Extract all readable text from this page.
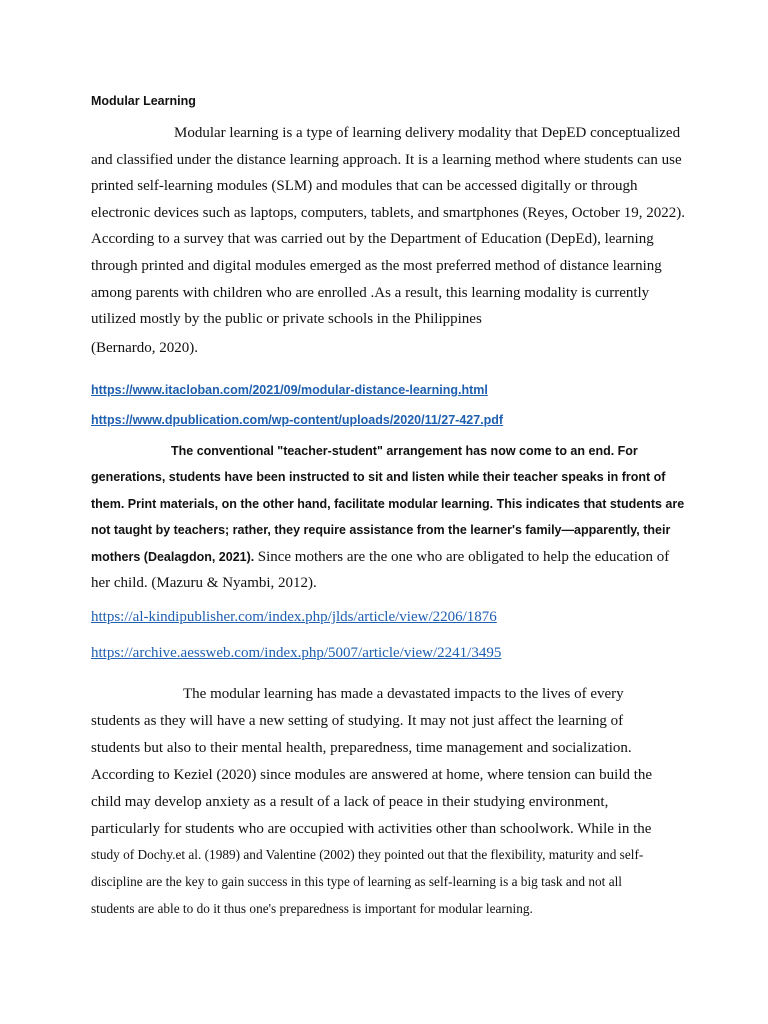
Modular Learning

Modular learning is a type of learning delivery modality that DepED conceptualized and classified under the distance learning approach. It is a learning method where students can use printed self-learning modules (SLM) and modules that can be accessed digitally or through electronic devices such as laptops, computers, tablets, and smartphones (Reyes, October 19, 2022). According to a survey that was carried out by the Department of Education (DepEd), learning through printed and digital modules emerged as the most preferred method of distance learning among parents with children who are enrolled .As a result, this learning modality is currently utilized mostly by the public or private schools in the Philippines

(Bernardo, 2020).
https://www.itacloban.com/2021/09/modular-distance-learning.html
https://www.dpublication.com/wp-content/uploads/2020/11/27-427.pdf

The conventional "teacher-student" arrangement has now come to an end. For generations, students have been instructed to sit and listen while their teacher speaks in front of them. Print materials, on the other hand, facilitate modular learning. This indicates that students are not taught by teachers; rather, they require assistance from the learner's family—apparently, their mothers (Dealagdon, 2021). Since mothers are the one who are obligated to help the education of her child. (Mazuru & Nyambi, 2012).

https://al-kindipublisher.com/index.php/jlds/article/view/2206/1876
https://archive.aessweb.com/index.php/5007/article/view/2241/3495

The modular learning has made a devastated impacts to the lives of every students as they will have a new setting of studying. It may not just affect the learning of students but also to their mental health, preparedness, time management and socialization. According to Keziel (2020) since modules are answered at home, where tension can build the child may develop anxiety as a result of a lack of peace in their studying environment, particularly for students who are occupied with activities other than schoolwork. While in the study of Dochy.et al. (1989) and Valentine (2002) they pointed out that the flexibility, maturity and self-discipline are the key to gain success in this type of learning as self-learning is a big task and not all students are able to do it thus one's preparedness is important for modular learning.
